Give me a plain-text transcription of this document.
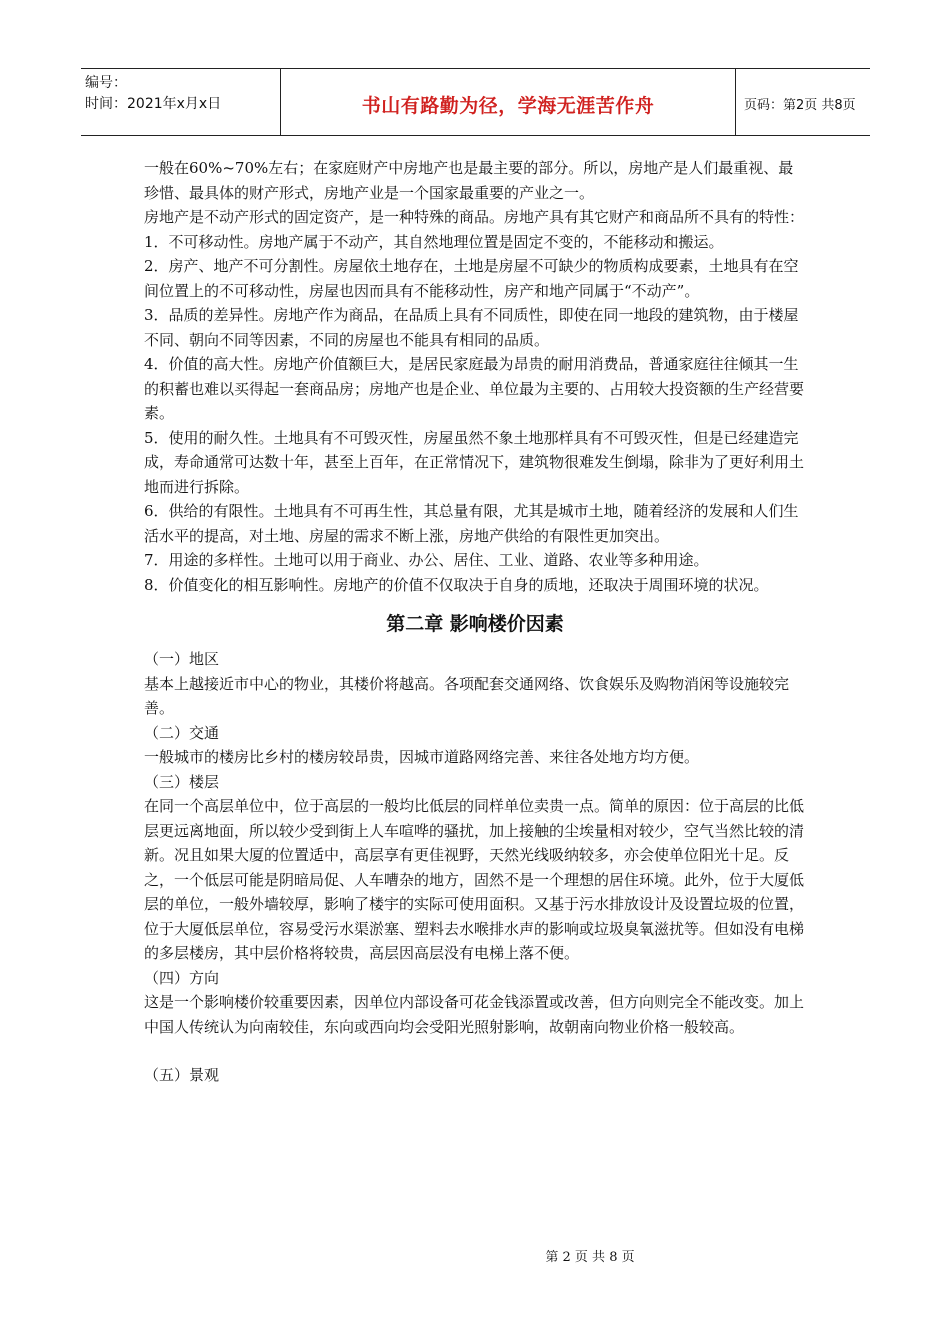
编号：
时间：2021年x月x日	书山有路勤为径，学海无涯苦作舟	页码：第2页 共8页

一般在60%~70%左右；在家庭财产中房地产也是最主要的部分。所以，房地产是人们最重视、最珍惜、最具体的财产形式，房地产业是一个国家最重要的产业之一。

房地产是不动产形式的固定资产，是一种特殊的商品。房地产具有其它财产和商品所不具有的特性：

1．不可移动性。房地产属于不动产，其自然地理位置是固定不变的，不能移动和搬运。

2．房产、地产不可分割性。房屋依土地存在，土地是房屋不可缺少的物质构成要素，土地具有在空间位置上的不可移动性，房屋也因而具有不能移动性，房产和地产同属于“不动产”。

3．品质的差异性。房地产作为商品，在品质上具有不同质性，即使在同一地段的建筑物，由于楼屋不同、朝向不同等因素，不同的房屋也不能具有相同的品质。

4．价值的高大性。房地产价值额巨大，是居民家庭最为昂贵的耐用消费品，普通家庭往往倾其一生的积蓄也难以买得起一套商品房；房地产也是企业、单位最为主要的、占用较大投资额的生产经营要素。

5．使用的耐久性。土地具有不可毁灭性，房屋虽然不象土地那样具有不可毁灭性，但是已经建造完成，寿命通常可达数十年，甚至上百年，在正常情况下，建筑物很难发生倒塌，除非为了更好利用土地而进行拆除。

6．供给的有限性。土地具有不可再生性，其总量有限，尤其是城市土地，随着经济的发展和人们生活水平的提高，对土地、房屋的需求不断上涨，房地产供给的有限性更加突出。

7．用途的多样性。土地可以用于商业、办公、居住、工业、道路、农业等多种用途。

8．价值变化的相互影响性。房地产的价值不仅取决于自身的质地，还取决于周围环境的状况。

第二章 影响楼价因素

（一）地区

基本上越接近市中心的物业，其楼价将越高。各项配套交通网络、饮食娱乐及购物消闲等设施较完善。

（二）交通

一般城市的楼房比乡村的楼房较昂贵，因城市道路网络完善、来往各处地方均方便。

（三）楼层

在同一个高层单位中，位于高层的一般均比低层的同样单位卖贵一点。简单的原因：位于高层的比低层更远离地面，所以较少受到街上人车喧哗的骚扰，加上接触的尘埃量相对较少，空气当然比较的清新。况且如果大厦的位置适中，高层享有更佳视野，天然光线吸纳较多，亦会使单位阳光十足。反之，一个低层可能是阴暗局促、人车嘈杂的地方，固然不是一个理想的居住环境。此外，位于大厦低层的单位，一般外墙较厚，影响了楼宇的实际可使用面积。又基于污水排放设计及设置垃圾的位置，位于大厦低层单位，容易受污水渠淤塞、塑料去水喉排水声的影响或垃圾臭氧滋扰等。但如没有电梯的多层楼房，其中层价格将较贵，高层因高层没有电梯上落不便。

（四）方向

这是一个影响楼价较重要因素，因单位内部设备可花金钱添置或改善，但方向则完全不能改变。加上中国人传统认为向南较佳，东向或西向均会受阳光照射影响，故朝南向物业价格一般较高。

（五）景观

第 2 页 共 8 页
